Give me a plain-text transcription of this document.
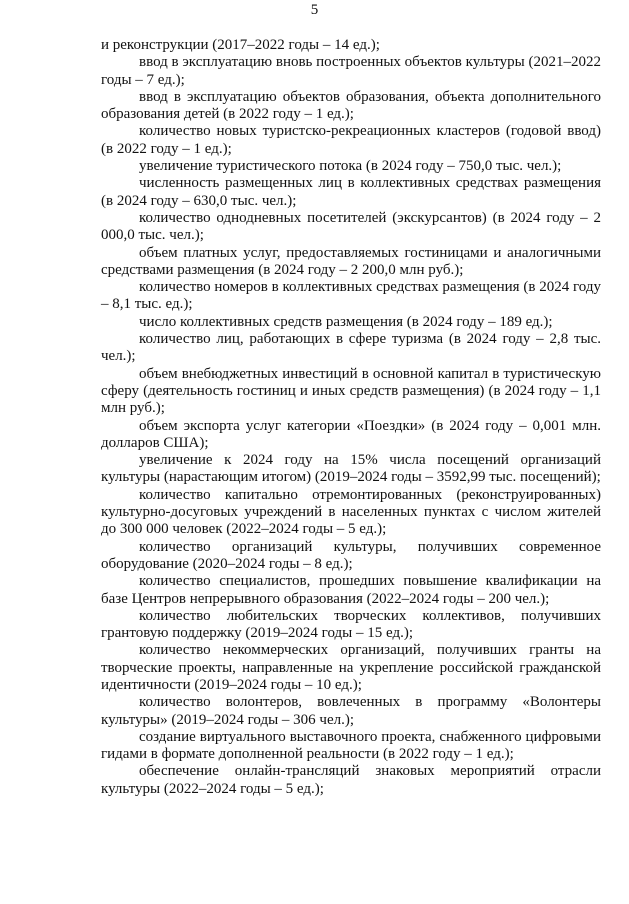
5

и реконструкции (2017–2022 годы – 14 ед.);

ввод в эксплуатацию вновь построенных объектов культуры (2021–2022 годы – 7 ед.);

ввод в эксплуатацию объектов образования, объекта дополнительного образования детей (в 2022 году – 1 ед.);

количество новых туристско-рекреационных кластеров (годовой ввод) (в 2022 году – 1 ед.);

увеличение туристического потока (в 2024 году – 750,0 тыс. чел.);

численность размещенных лиц в коллективных средствах размещения (в 2024 году – 630,0 тыс. чел.);

количество однодневных посетителей (экскурсантов) (в 2024 году – 2 000,0 тыс. чел.);

объем платных услуг, предоставляемых гостиницами и аналогичными средствами размещения (в 2024 году – 2 200,0 млн руб.);

количество номеров в коллективных средствах размещения (в 2024 году – 8,1 тыс. ед.);

число коллективных средств размещения (в 2024 году – 189 ед.);

количество лиц, работающих в сфере туризма (в 2024 году – 2,8 тыс. чел.);

объем внебюджетных инвестиций в основной капитал в туристическую сферу (деятельность гостиниц и иных средств размещения) (в 2024 году – 1,1 млн руб.);

объем экспорта услуг категории «Поездки» (в 2024 году – 0,001 млн. долларов США);

увеличение к 2024 году на 15% числа посещений организаций культуры (нарастающим итогом) (2019–2024 годы – 3592,99 тыс. посещений);

количество капитально отремонтированных (реконструированных) культурно-досуговых учреждений в населенных пунктах с числом жителей до 300 000 человек (2022–2024 годы – 5 ед.);

количество организаций культуры, получивших современное оборудование (2020–2024 годы – 8 ед.);

количество специалистов, прошедших повышение квалификации на базе Центров непрерывного образования (2022–2024 годы – 200 чел.);

количество любительских творческих коллективов, получивших грантовую поддержку (2019–2024 годы – 15 ед.);

количество некоммерческих организаций, получивших гранты на творческие проекты, направленные на укрепление российской гражданской идентичности (2019–2024 годы – 10 ед.);

количество волонтеров, вовлеченных в программу «Волонтеры культуры» (2019–2024 годы – 306 чел.);

создание виртуального выставочного проекта, снабженного цифровыми гидами в формате дополненной реальности (в 2022 году – 1 ед.);

обеспечение онлайн-трансляций знаковых мероприятий отрасли культуры (2022–2024 годы – 5 ед.);
